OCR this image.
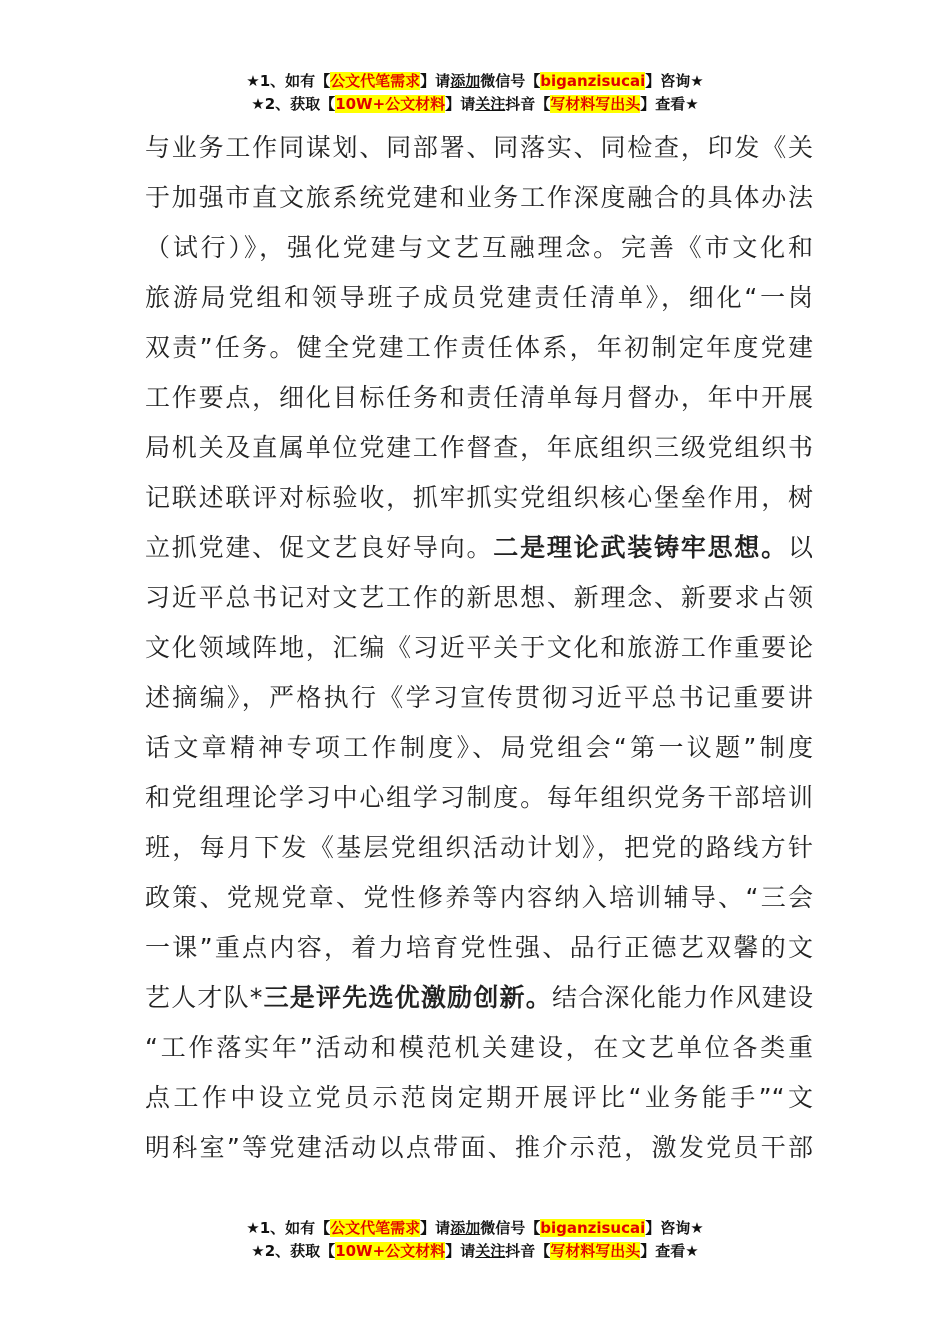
★1、如有【公文代笔需求】请添加微信号【biganzisucai】咨询★
★2、获取【10W+公文材料】请关注抖音【写材料写出头】查看★
与业务工作同谋划、同部署、同落实、同检查，印发《关
于加强市直文旅系统党建和业务工作深度融合的具体办法
（试行）》，强化党建与文艺互融理念。完善《市文化和
旅游局党组和领导班子成员党建责任清单》，细化“一岗
双责”任务。健全党建工作责任体系，年初制定年度党建
工作要点，细化目标任务和责任清单每月督办，年中开展
局机关及直属单位党建工作督查，年底组织三级党组织书
记联述联评对标验收，抓牢抓实党组织核心堡垒作用，树
立抓党建、促文艺良好导向。二是理论武装铸牢思想。以
习近平总书记对文艺工作的新思想、新理念、新要求占领
文化领域阵地，汇编《习近平关于文化和旅游工作重要论
述摘编》，严格执行《学习宣传贯彻习近平总书记重要讲
话文章精神专项工作制度》、局党组会“第一议题”制度
和党组理论学习中心组学习制度。每年组织党务干部培训
班，每月下发《基层党组织活动计划》，把党的路线方针
政策、党规党章、党性修养等内容纳入培训辅导、“三会
一课”重点内容，着力培育党性强、品行正德艺双馨的文
艺人才队*三是评先选优激励创新。结合深化能力作风建设
“工作落实年”活动和模范机关建设，在文艺单位各类重
点工作中设立党员示范岗定期开展评比“业务能手”“文
明科室”等党建活动以点带面、推介示范，激发党员干部
★1、如有【公文代笔需求】请添加微信号【biganzisucai】咨询★
★2、获取【10W+公文材料】请关注抖音【写材料写出头】查看★
